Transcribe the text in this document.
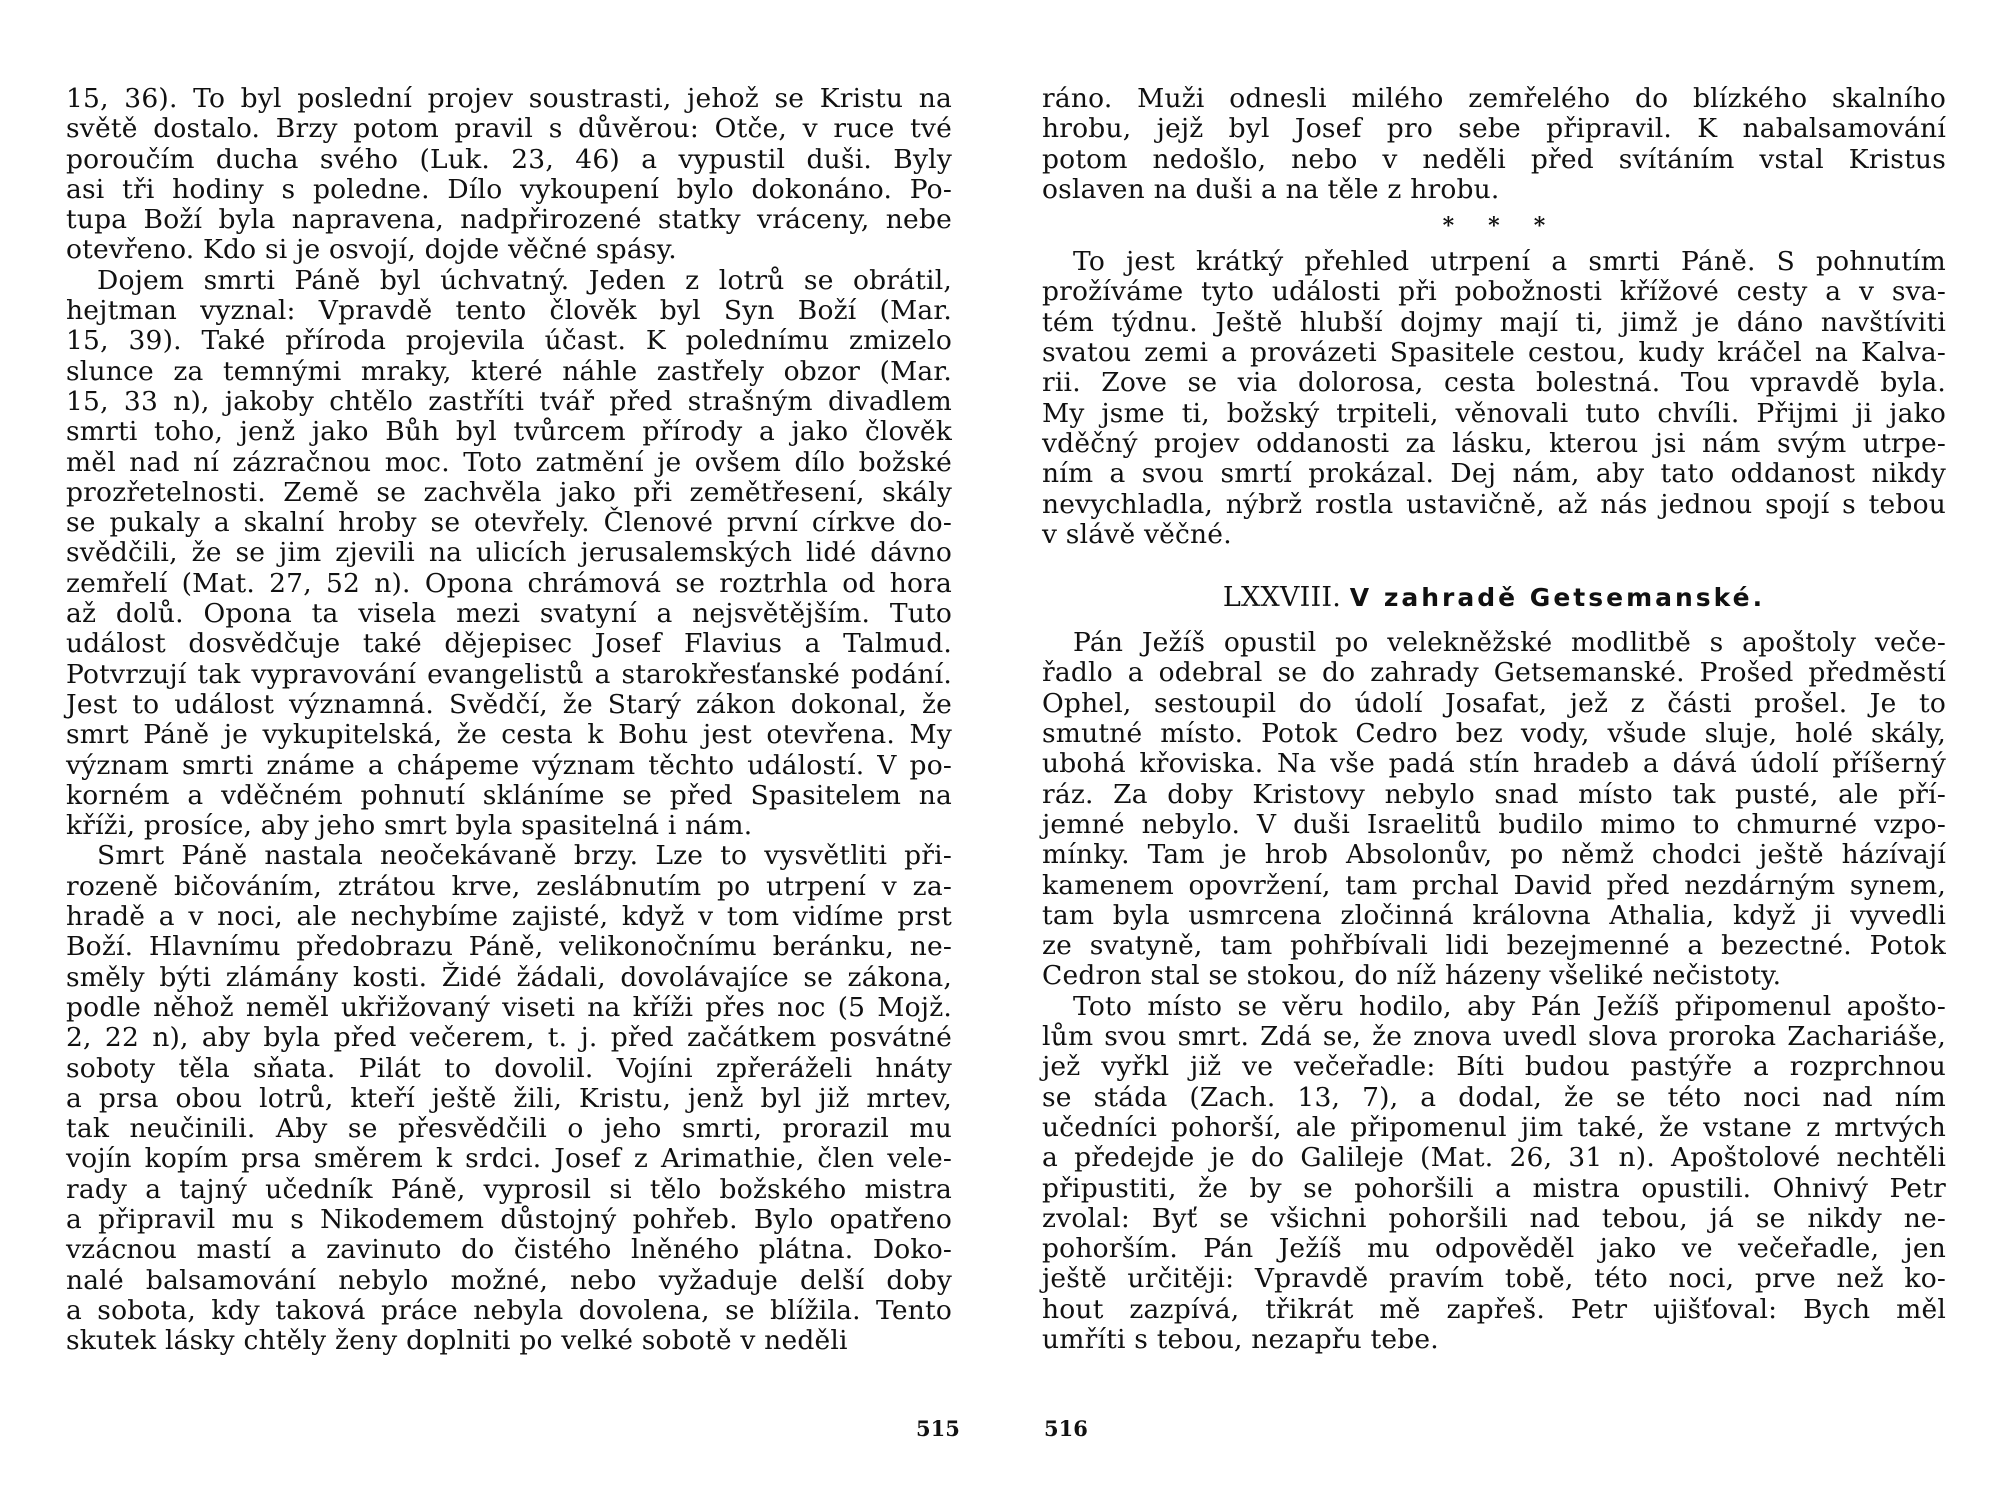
15, 36). To byl poslední projev soustrasti, jehož se Kristu na
světě dostalo. Brzy potom pravil s důvěrou: Otče, v ruce tvé
poroučím ducha svého (Luk. 23, 46) a vypustil duši. Byly
asi tři hodiny s poledne. Dílo vykoupení bylo dokonáno. Po-
tupa Boží byla napravena, nadpřirozené statky vráceny, nebe
otevřeno. Kdo si je osvojí, dojde věčné spásy.
Dojem smrti Páně byl úchvatný. Jeden z lotrů se obrátil,
hejtman vyznal: Vpravdě tento člověk byl Syn Boží (Mar.
15, 39). Také příroda projevila účast. K polednímu zmizelo
slunce za temnými mraky, které náhle zastřely obzor (Mar.
15, 33 n), jakoby chtělo zastříti tvář před strašným divadlem
smrti toho, jenž jako Bůh byl tvůrcem přírody a jako člověk
měl nad ní zázračnou moc. Toto zatmění je ovšem dílo božské
prozřetelnosti. Země se zachvěla jako při zemětřesení, skály
se pukaly a skalní hroby se otevřely. Členové první církve do-
svědčili, že se jim zjevili na ulicích jerusalemských lidé dávno
zemřelí (Mat. 27, 52 n). Opona chrámová se roztrhla od hora
až dolů. Opona ta visela mezi svatyní a nejsvětějším. Tuto
událost dosvědčuje také dějepisec Josef Flavius a Talmud.
Potvrzují tak vypravování evangelistů a starokřesťanské podání.
Jest to událost významná. Svědčí, že Starý zákon dokonal, že
smrt Páně je vykupitelská, že cesta k Bohu jest otevřena. My
význam smrti známe a chápeme význam těchto událostí. V po-
korném a vděčném pohnutí skláníme se před Spasitelem na
kříži, prosíce, aby jeho smrt byla spasitelná i nám.
Smrt Páně nastala neočekávaně brzy. Lze to vysvětliti při-
rozeně bičováním, ztrátou krve, zeslábnutím po utrpení v za-
hradě a v noci, ale nechybíme zajisté, když v tom vidíme prst
Boží. Hlavnímu předobrazu Páně, velikonočnímu beránku, ne-
směly býti zlámány kosti. Židé žádali, dovolávajíce se zákona,
podle něhož neměl ukřižovaný viseti na kříži přes noc (5 Mojž.
2, 22 n), aby byla před večerem, t. j. před začátkem posvátné
soboty těla sňata. Pilát to dovolil. Vojíni zpřeráželi hnáty
a prsa obou lotrů, kteří ještě žili, Kristu, jenž byl již mrtev,
tak neučinili. Aby se přesvědčili o jeho smrti, prorazil mu
vojín kopím prsa směrem k srdci. Josef z Arimathie, člen vele-
rady a tajný učedník Páně, vyprosil si tělo božského mistra
a připravil mu s Nikodemem důstojný pohřeb. Bylo opatřeno
vzácnou mastí a zavinuto do čistého lněného plátna. Doko-
nalé balsamování nebylo možné, nebo vyžaduje delší doby
a sobota, kdy taková práce nebyla dovolena, se blížila. Tento
skutek lásky chtěly ženy doplniti po velké sobotě v neděli
515
ráno. Muži odnesli milého zemřelého do blízkého skalního
hrobu, jejž byl Josef pro sebe připravil. K nabalsamování
potom nedošlo, nebo v neděli před svítáním vstal Kristus
oslaven na duši a na těle z hrobu.
* * *
To jest krátký přehled utrpení a smrti Páně. S pohnutím
prožíváme tyto události při pobožnosti křížové cesty a v sva-
tém týdnu. Ještě hlubší dojmy mají ti, jimž je dáno navštíviti
svatou zemi a provázeti Spasitele cestou, kudy kráčel na Kalva-
rii. Zove se via dolorosa, cesta bolestná. Tou vpravdě byla.
My jsme ti, božský trpiteli, věnovali tuto chvíli. Přijmi ji jako
vděčný projev oddanosti za lásku, kterou jsi nám svým utrpe-
ním a svou smrtí prokázal. Dej nám, aby tato oddanost nikdy
nevychladla, nýbrž rostla ustavičně, až nás jednou spojí s tebou
v slávě věčné.
LXXVIII. V zahradě Getsemanské.
Pán Ježíš opustil po velekněžské modlitbě s apoštoly veče-
řadlo a odebral se do zahrady Getsemanské. Prošed předměstí
Ophel, sestoupil do údolí Josafat, jež z části prošel. Je to
smutné místo. Potok Cedro bez vody, všude sluje, holé skály,
ubohá křoviska. Na vše padá stín hradeb a dává údolí příšerný
ráz. Za doby Kristovy nebylo snad místo tak pusté, ale pří-
jemné nebylo. V duši Israelitů budilo mimo to chmurné vzpo-
mínky. Tam je hrob Absolonův, po němž chodci ještě házívají
kamenem opovržení, tam prchal David před nezdárným synem,
tam byla usmrcena zločinná královna Athalia, když ji vyvedli
ze svatyně, tam pohřbívali lidi bezejmenné a bezectné. Potok
Cedron stal se stokou, do níž házeny všeliké nečistoty.
Toto místo se věru hodilo, aby Pán Ježíš připomenul apošto-
lům svou smrt. Zdá se, že znova uvedl slova proroka Zachariáše,
jež vyřkl již ve večeřadle: Bíti budou pastýře a rozprchnou
se stáda (Zach. 13, 7), a dodal, že se této noci nad ním
učedníci pohorší, ale připomenul jim také, že vstane z mrtvých
a předejde je do Galileje (Mat. 26, 31 n). Apoštolové nechtěli
připustiti, že by se pohoršili a mistra opustili. Ohnivý Petr
zvolal: Byť se všichni pohoršili nad tebou, já se nikdy ne-
pohorším. Pán Ježíš mu odpověděl jako ve večeřadle, jen
ještě určitěji: Vpravdě pravím tobě, této noci, prve než ko-
hout zazpívá, třikrát mě zapřeš. Petr ujišťoval: Bych měl
umříti s tebou, nezapřu tebe.
516
